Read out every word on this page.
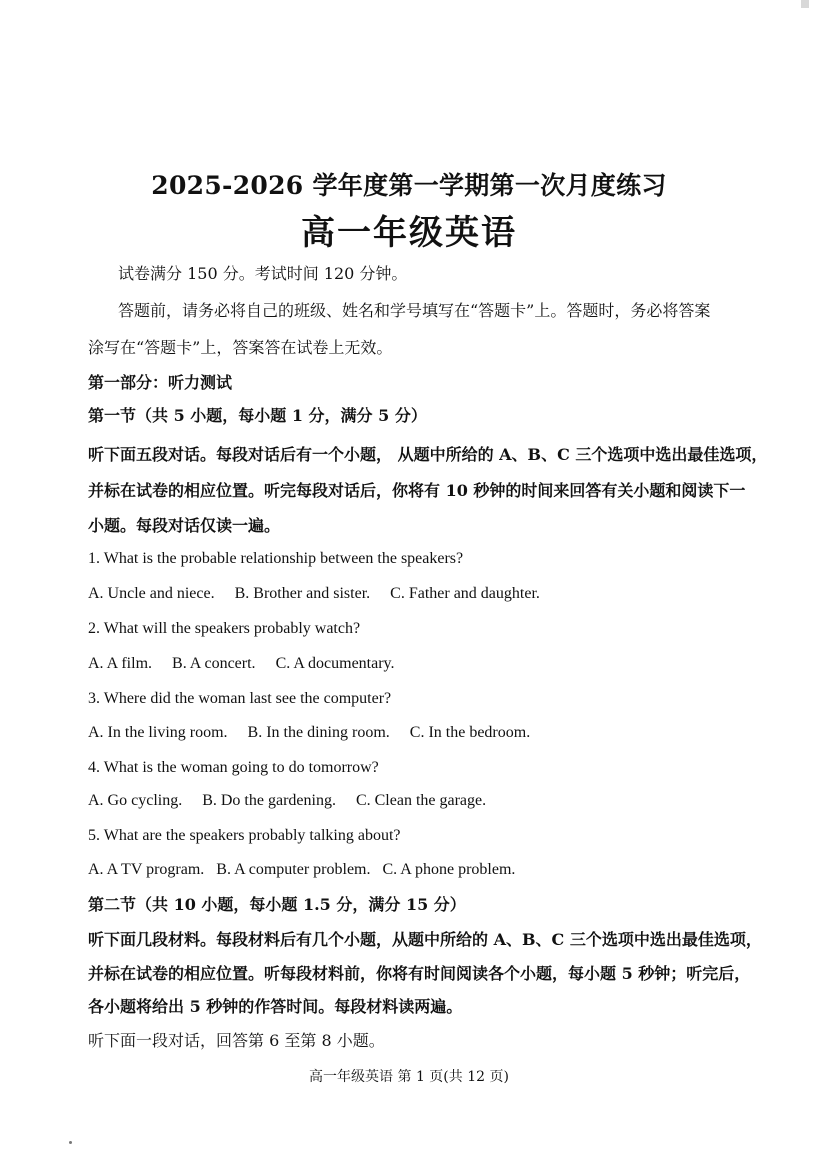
2025-2026 学年度第一学期第一次月度练习
高一年级英语
试卷满分 150 分。考试时间 120 分钟。
答题前，请务必将自己的班级、姓名和学号填写在“答题卡”上。答题时，务必将答案
涂写在“答题卡”上，答案答在试卷上无效。
第一部分：听力测试
第一节（共 5 小题，每小题 1 分，满分 5 分）
听下面五段对话。每段对话后有一个小题， 从题中所给的 A、B、C 三个选项中选出最佳选项，
并标在试卷的相应位置。听完每段对话后，你将有 10 秒钟的时间来回答有关小题和阅读下一
小题。每段对话仅读一遍。
1. What is the probable relationship between the speakers?
A. Uncle and niece. B. Brother and sister. C. Father and daughter.
2. What will the speakers probably watch?
A. A film. B. A concert. C. A documentary.
3. Where did the woman last see the computer?
A. In the living room. B. In the dining room. C. In the bedroom.
4. What is the woman going to do tomorrow?
A. Go cycling. B. Do the gardening. C. Clean the garage.
5. What are the speakers probably talking about?
A. A TV program. B. A computer problem. C. A phone problem.
第二节（共 10 小题，每小题 1.5 分，满分 15 分）
听下面几段材料。每段材料后有几个小题，从题中所给的 A、B、C 三个选项中选出最佳选项，
并标在试卷的相应位置。听每段材料前，你将有时间阅读各个小题，每小题 5 秒钟；听完后，
各小题将给出 5 秒钟的作答时间。每段材料读两遍。
听下面一段对话，回答第 6 至第 8 小题。
高一年级英语 第 1 页(共 12 页)
